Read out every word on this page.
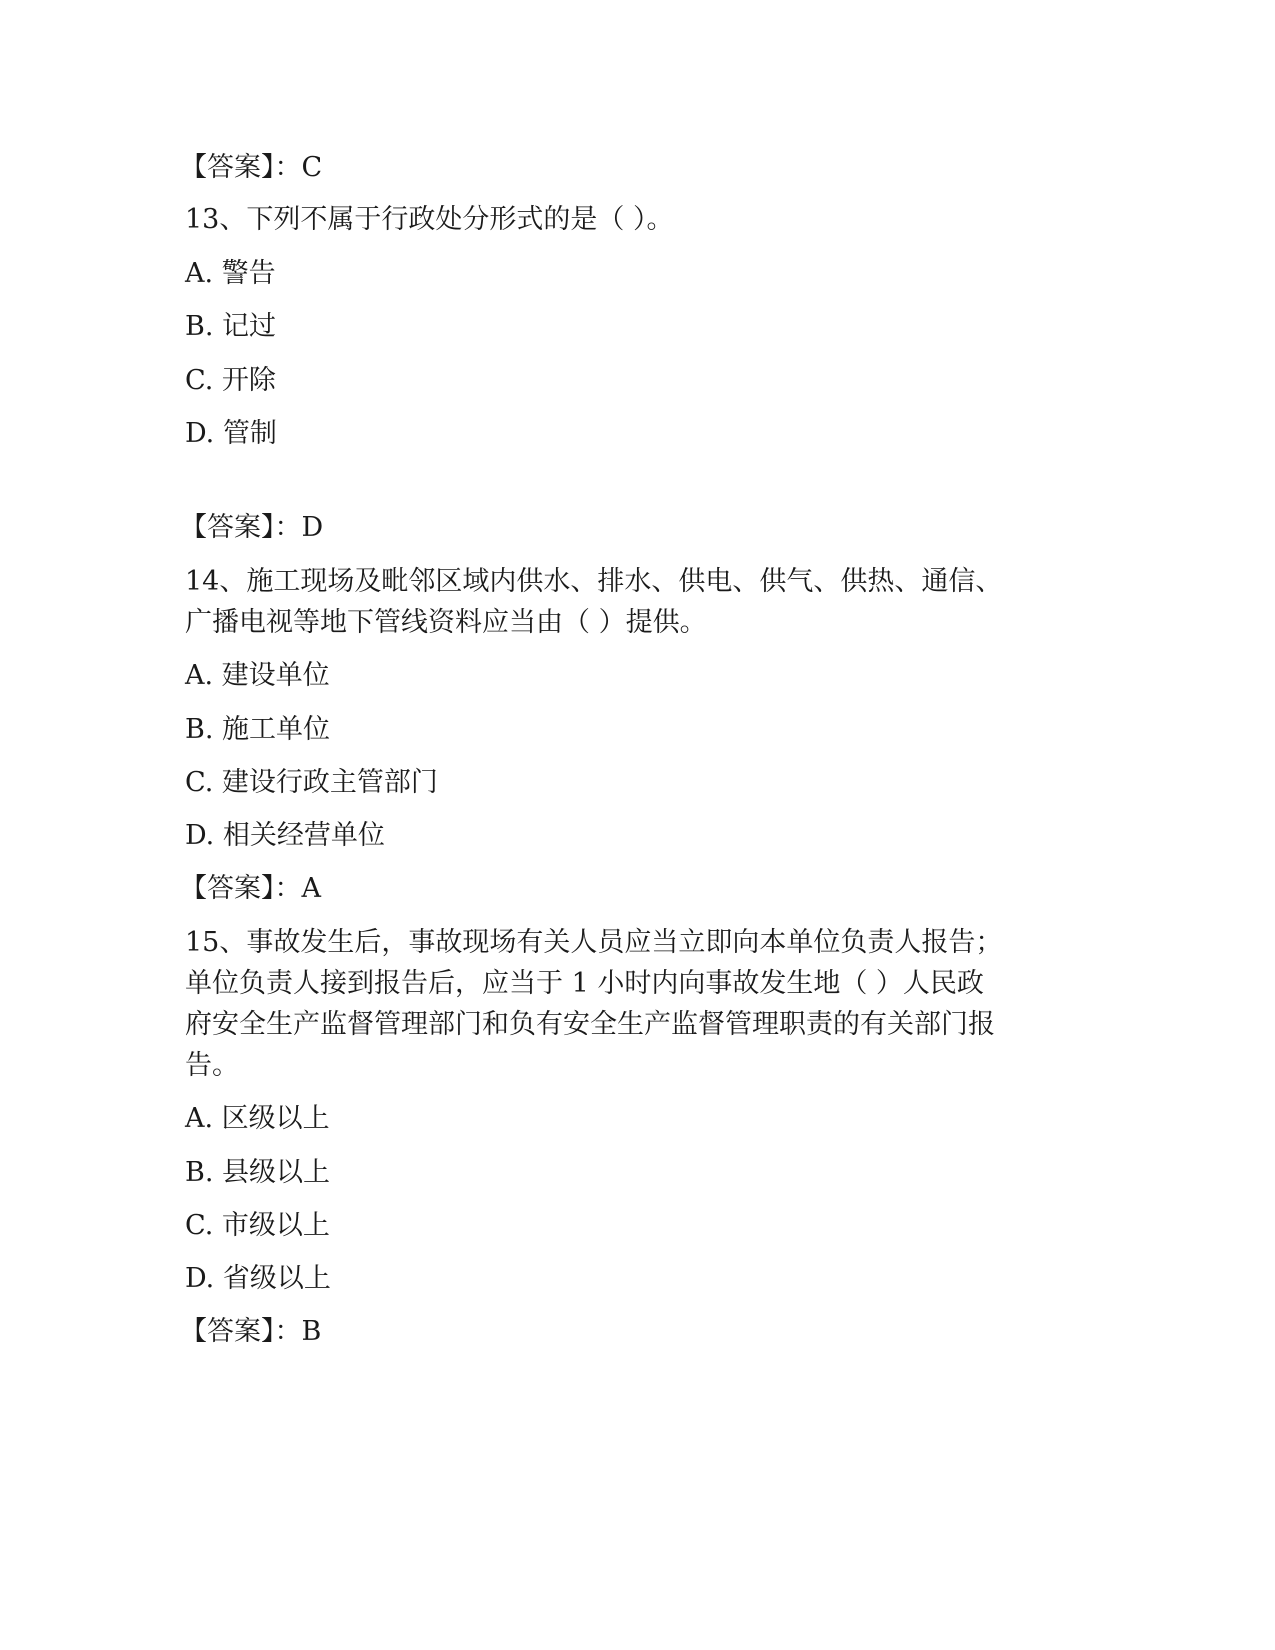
【答案】：C
13、下列不属于行政处分形式的是（ ）。
A. 警告
B. 记过
C. 开除
D. 管制
【答案】：D
14、施工现场及毗邻区域内供水、排水、供电、供气、供热、通信、
广播电视等地下管线资料应当由（ ）提供。
A. 建设单位
B. 施工单位
C. 建设行政主管部门
D. 相关经营单位
【答案】：A
15、事故发生后，事故现场有关人员应当立即向本单位负责人报告；
单位负责人接到报告后，应当于 1 小时内向事故发生地（ ）人民政
府安全生产监督管理部门和负有安全生产监督管理职责的有关部门报
告。
A. 区级以上
B. 县级以上
C. 市级以上
D. 省级以上
【答案】：B
